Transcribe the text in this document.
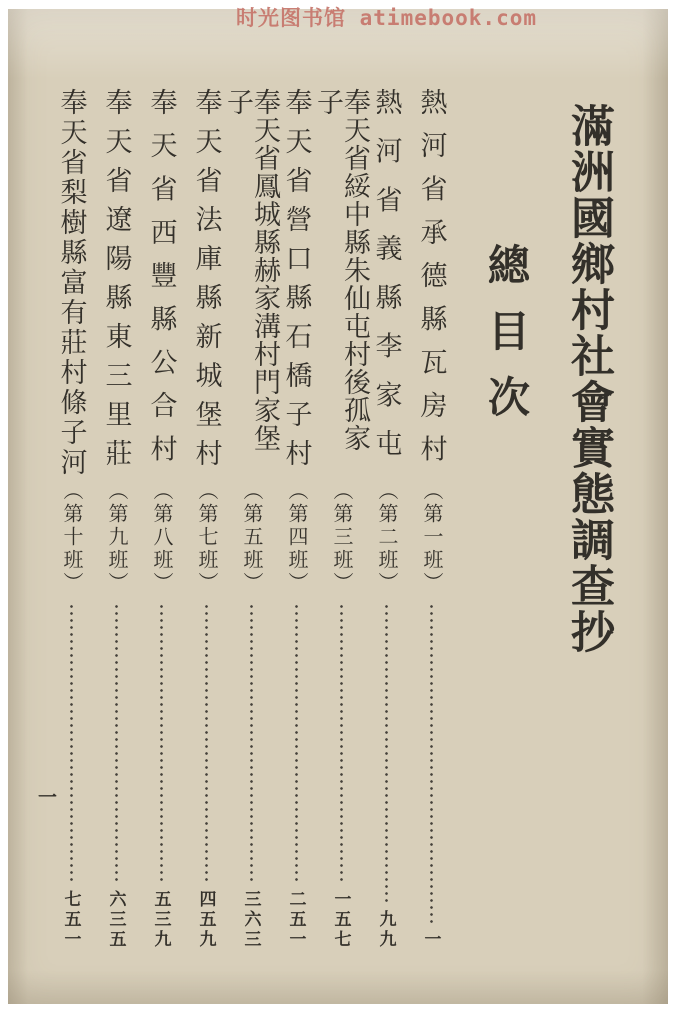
时光图书馆 atimebook.com
滿洲國鄉村社會實態調查抄
總目次
熱河省承德縣瓦房村
︵第一班︶
一
熱河省義縣李家屯
︵第二班︶
九九
奉天省綏中縣朱仙屯村後孤家子
︵第三班︶
一五七
奉天省營口縣石橋子村
︵第四班︶
二五一
奉天省鳳城縣赫家溝村門家堡子
︵第五班︶
三六三
奉天省法庫縣新城堡村
︵第七班︶
四五九
奉天省西豐縣公合村
︵第八班︶
五三九
奉天省遼陽縣東三里莊
︵第九班︶
六三五
奉天省梨樹縣富有莊村條子河
︵第十班︶
七五一
一
